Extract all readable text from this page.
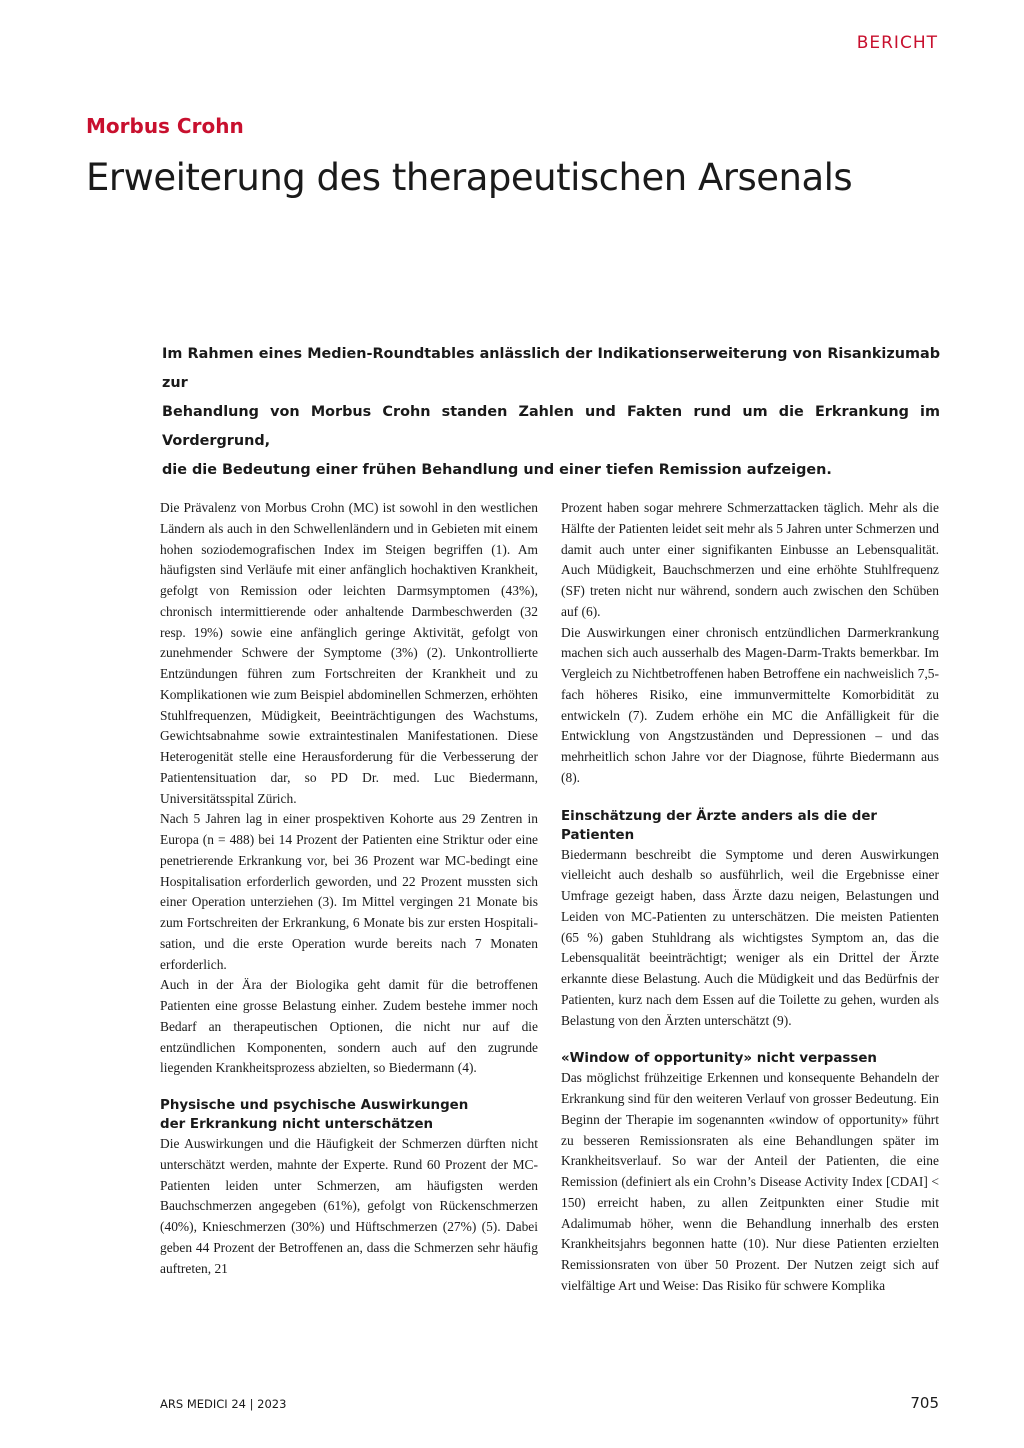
BERICHT
Morbus Crohn
Erweiterung des therapeutischen Arsenals
Im Rahmen eines Medien-Roundtables anlässlich der Indikationserweiterung von Risankizumab zur
Behandlung von Morbus Crohn standen Zahlen und Fakten rund um die Erkrankung im Vordergrund,
die die Bedeutung einer frühen Behandlung und einer tiefen Remission aufzeigen.

Die Prävalenz von Morbus Crohn (MC) ist sowohl in den westlichen Ländern als auch in den Schwellenländern und in Gebieten mit einem hohen soziodemografischen Index im Steigen begriffen (1). Am häufigsten sind Verläufe mit einer anfänglich hochaktiven Krankheit, gefolgt von Remission oder leichten Darmsymptomen (43%), chronisch intermittierende oder anhaltende Darmbeschwerden (32 resp. 19%) sowie eine anfänglich geringe Aktivität, gefolgt von zunehmender Schwere der Symptome (3%) (2). Unkontrollierte Entzündungen führen zum Fortschreiten der Krankheit und zu Komplikationen wie zum Beispiel abdominellen Schmerzen, erhöhten Stuhlfrequenzen, Müdigkeit, Beeinträchtigungen des Wachstums, Gewichtsabnahme sowie extraintestinalen Manifestationen. Diese Heterogenität stelle eine Herausforderung für die Verbesserung der Patientensituation dar, so PD Dr. med. Luc Biedermann, Universitätsspital Zürich.

Nach 5 Jahren lag in einer prospektiven Kohorte aus 29 Zentren in Europa (n = 488) bei 14 Prozent der Patienten eine Striktur oder eine penetrierende Erkrankung vor, bei 36 Prozent war MC-bedingt eine Hospitalisation erforderlich geworden, und 22 Prozent mussten sich einer Operation unterziehen (3). Im Mittel vergingen 21 Monate bis zum Fortschreiten der Erkrankung, 6 Monate bis zur ersten Hospitalisation, und die erste Operation wurde bereits nach 7 Monaten erforderlich.

Auch in der Ära der Biologika geht damit für die betroffenen Patienten eine grosse Belastung einher. Zudem bestehe immer noch Bedarf an therapeutischen Optionen, die nicht nur auf die entzündlichen Komponenten, sondern auch auf den zugrunde liegenden Krankheitsprozess abzielten, so Biedermann (4).

Physische und psychische Auswirkungen
der Erkrankung nicht unterschätzen

Die Auswirkungen und die Häufigkeit der Schmerzen dürften nicht unterschätzt werden, mahnte der Experte. Rund 60 Prozent der MC-Patienten leiden unter Schmerzen, am häufigsten werden Bauchschmerzen angegeben (61%), gefolgt von Rückenschmerzen (40%), Knieschmerzen (30%) und Hüftschmerzen (27%) (5). Dabei geben 44 Prozent der Betroffenen an, dass die Schmerzen sehr häufig auftreten, 21

Prozent haben sogar mehrere Schmerzattacken täglich. Mehr als die Hälfte der Patienten leidet seit mehr als 5 Jahren unter Schmerzen und damit auch unter einer signifikanten Einbusse an Lebensqualität. Auch Müdigkeit, Bauchschmerzen und eine erhöhte Stuhlfrequenz (SF) treten nicht nur während, sondern auch zwischen den Schüben auf (6).

Die Auswirkungen einer chronisch entzündlichen Darmerkrankung machen sich auch ausserhalb des Magen-Darm-Trakts bemerkbar. Im Vergleich zu Nichtbetroffenen haben Betroffene ein nachweislich 7,5-fach höheres Risiko, eine immunvermittelte Komorbidität zu entwickeln (7). Zudem erhöhe ein MC die Anfälligkeit für die Entwicklung von Angstzuständen und Depressionen – und das mehrheitlich schon Jahre vor der Diagnose, führte Biedermann aus (8).

Einschätzung der Ärzte anders als die der
Patienten

Biedermann beschreibt die Symptome und deren Auswirkungen vielleicht auch deshalb so ausführlich, weil die Ergebnisse einer Umfrage gezeigt haben, dass Ärzte dazu neigen, Belastungen und Leiden von MC-Patienten zu unterschätzen. Die meisten Patienten (65 %) gaben Stuhldrang als wichtigstes Symptom an, das die Lebensqualität beeinträchtigt; weniger als ein Drittel der Ärzte erkannte diese Belastung. Auch die Müdigkeit und das Bedürfnis der Patienten, kurz nach dem Essen auf die Toilette zu gehen, wurden als Belastung von den Ärzten unterschätzt (9).

«Window of opportunity» nicht verpassen

Das möglichst frühzeitige Erkennen und konsequente Behandeln der Erkrankung sind für den weiteren Verlauf von grosser Bedeutung. Ein Beginn der Therapie im sogenannten «window of opportunity» führt zu besseren Remissionsraten als eine Behandlungen später im Krankheitsverlauf. So war der Anteil der Patienten, die eine Remission (definiert als ein Crohn’s Disease Activity Index [CDAI] < 150) erreicht haben, zu allen Zeitpunkten einer Studie mit Adalimumab höher, wenn die Behandlung innerhalb des ersten Krankheitsjahrs begonnen hatte (10). Nur diese Patienten erzielten Remissionsraten von über 50 Prozent. Der Nutzen zeigt sich auf vielfältige Art und Weise: Das Risiko für schwere Komplika

ARS MEDICI 24 | 2023	705
